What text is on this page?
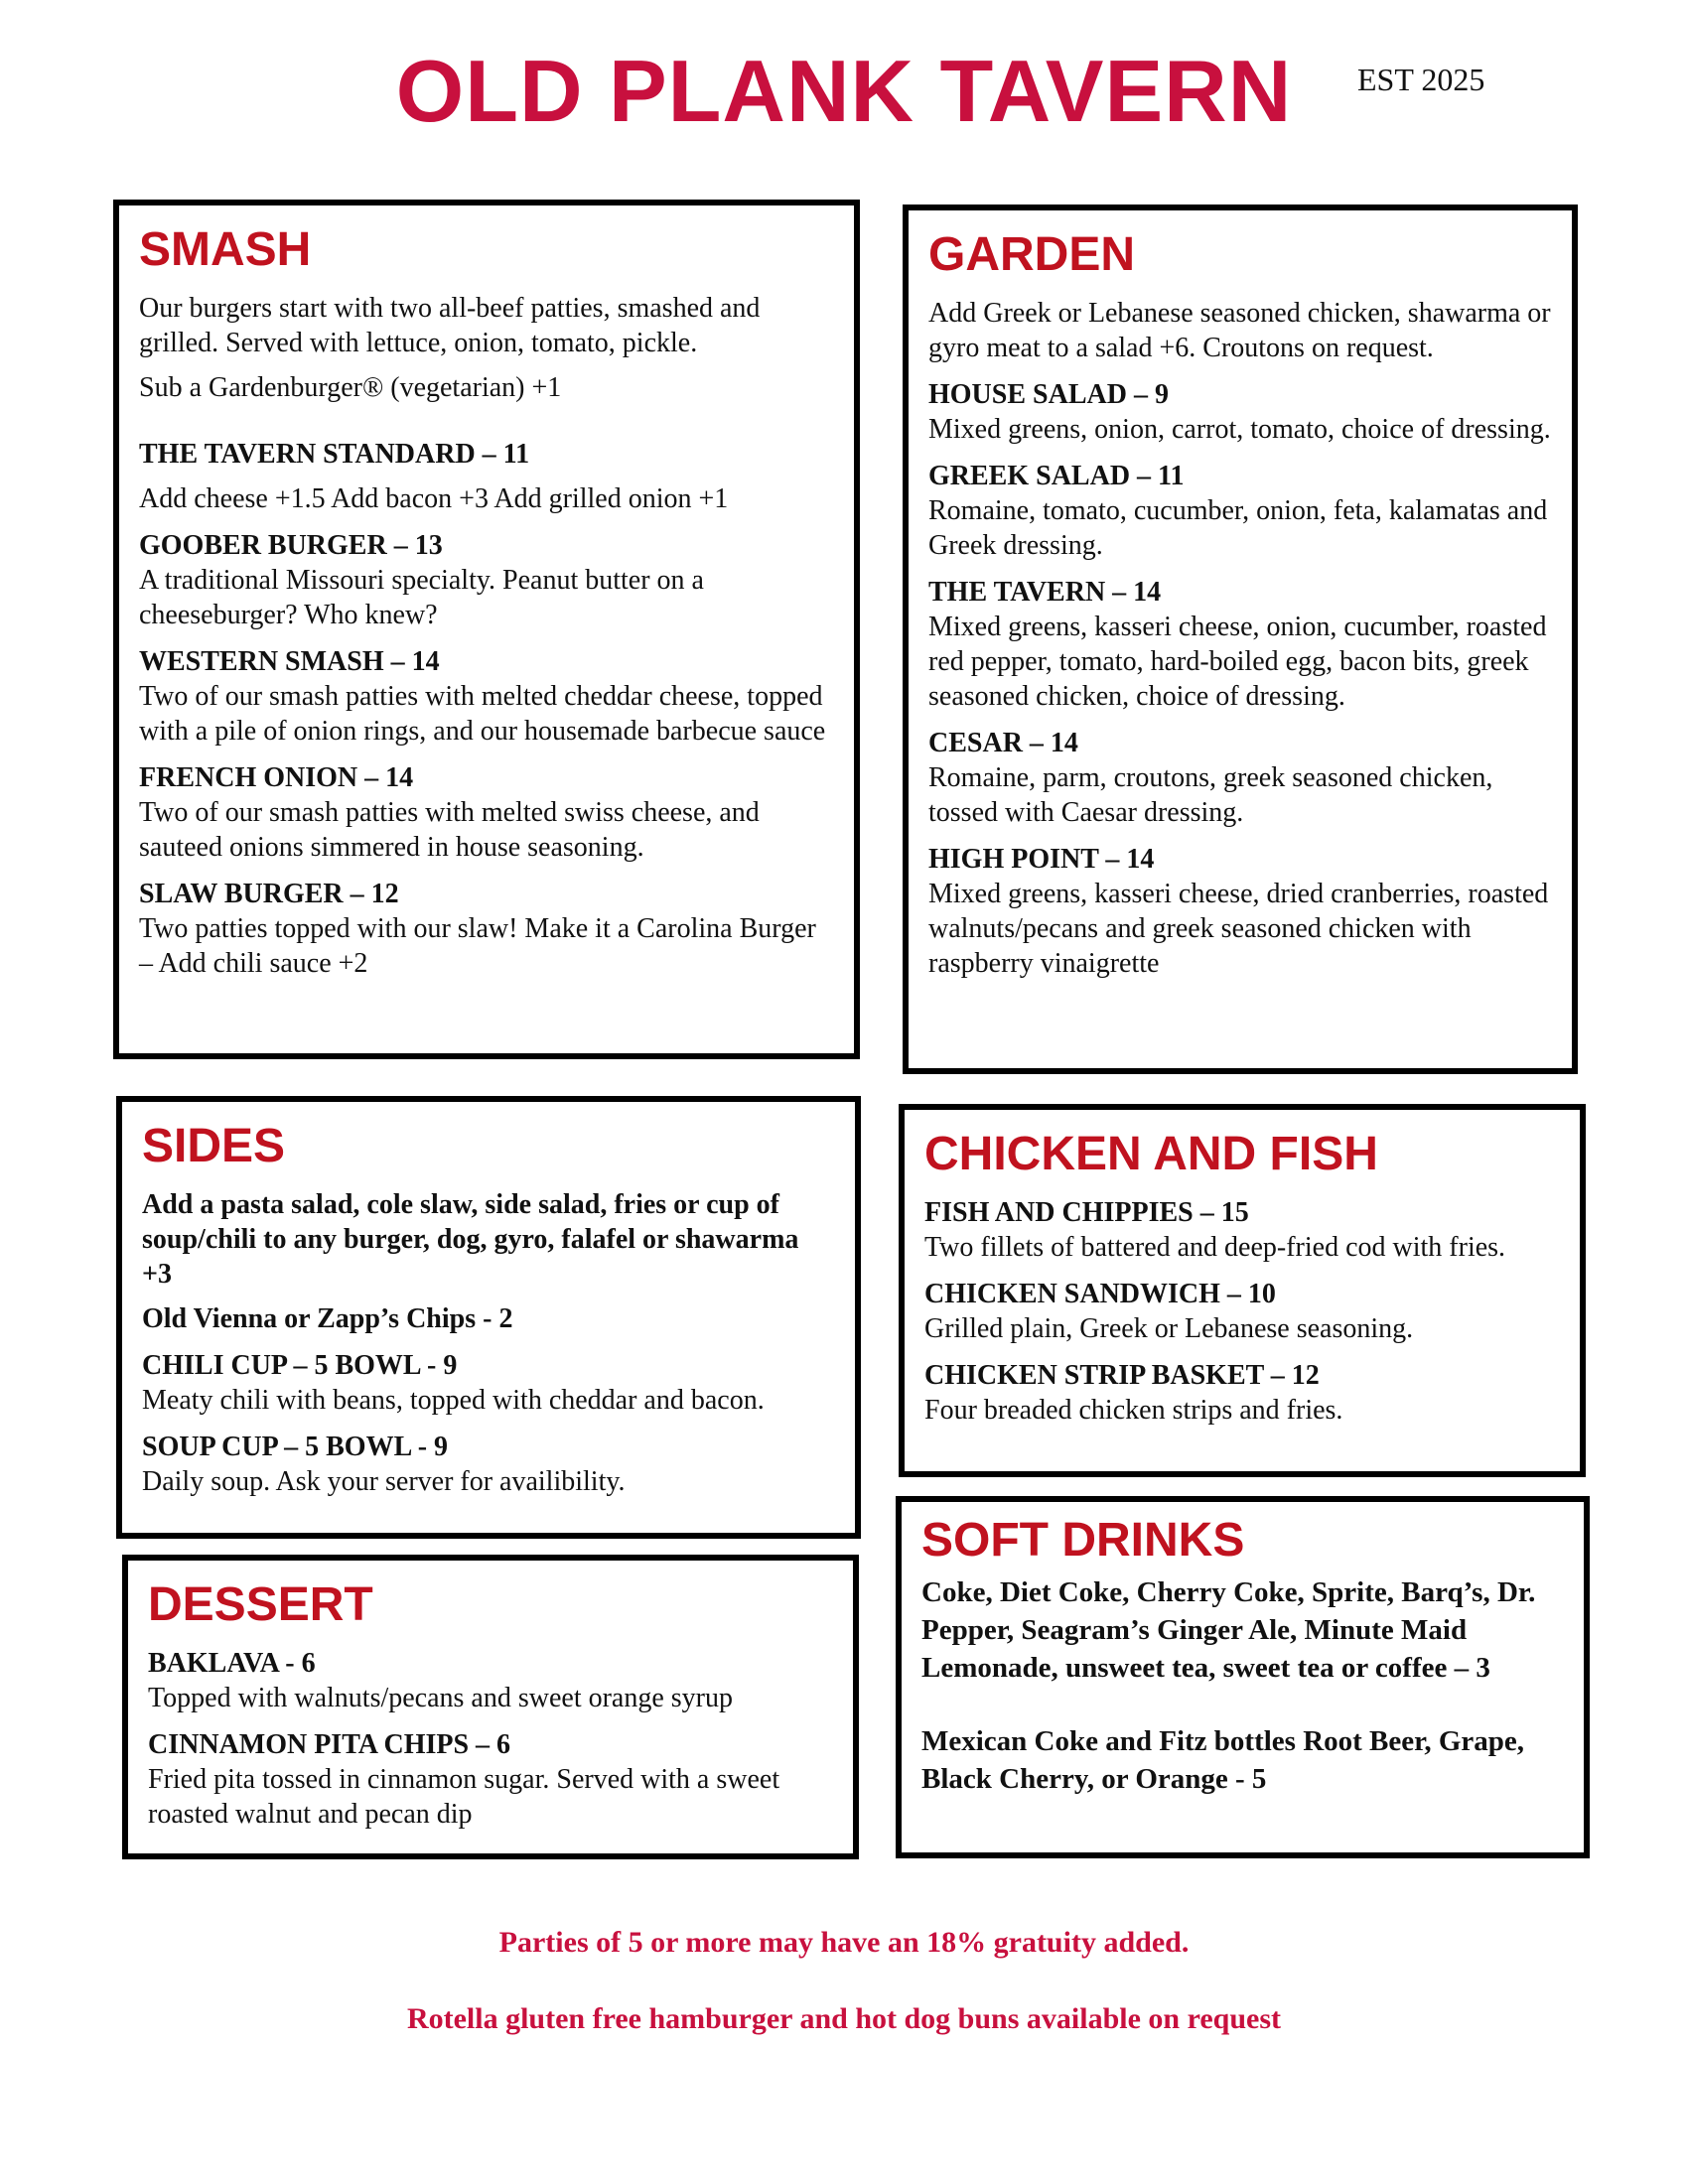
OLD PLANK TAVERN	EST 2025
SMASH

Our burgers start with two all-beef patties, smashed and grilled. Served with lettuce, onion, tomato, pickle.

Sub a Gardenburger® (vegetarian) +1

THE TAVERN STANDARD – 11

Add cheese +1.5 Add bacon +3 Add grilled onion +1

GOOBER BURGER – 13

A traditional Missouri specialty. Peanut butter on a cheeseburger? Who knew?

WESTERN SMASH – 14

Two of our smash patties with melted cheddar cheese, topped with a pile of onion rings, and our housemade barbecue sauce

FRENCH ONION – 14

Two of our smash patties with melted swiss cheese, and sauteed onions simmered in house seasoning.

SLAW BURGER – 12

Two patties topped with our slaw! Make it a Carolina Burger – Add chili sauce +2

GARDEN

Add Greek or Lebanese seasoned chicken, shawarma or gyro meat to a salad +6. Croutons on request.

HOUSE SALAD – 9

Mixed greens, onion, carrot, tomato, choice of dressing.

GREEK SALAD – 11

Romaine, tomato, cucumber, onion, feta, kalamatas and Greek dressing.

THE TAVERN – 14

Mixed greens, kasseri cheese, onion, cucumber, roasted red pepper, tomato, hard-boiled egg, bacon bits, greek seasoned chicken, choice of dressing.

CESAR – 14

Romaine, parm, croutons, greek seasoned chicken, tossed with Caesar dressing.

HIGH POINT – 14

Mixed greens, kasseri cheese, dried cranberries, roasted walnuts/pecans and greek seasoned chicken with raspberry vinaigrette

SIDES

Add a pasta salad, cole slaw, side salad, fries or cup of soup/chili to any burger, dog, gyro, falafel or shawarma +3

Old Vienna or Zapp’s Chips - 2

CHILI CUP – 5 BOWL - 9

Meaty chili with beans, topped with cheddar and bacon.

SOUP CUP – 5 BOWL - 9

Daily soup. Ask your server for availibility.

CHICKEN AND FISH

FISH AND CHIPPIES – 15

Two fillets of battered and deep-fried cod with fries.

CHICKEN SANDWICH – 10

Grilled plain, Greek or Lebanese seasoning.

CHICKEN STRIP BASKET – 12

Four breaded chicken strips and fries.

DESSERT

BAKLAVA - 6

Topped with walnuts/pecans and sweet orange syrup

CINNAMON PITA CHIPS – 6

Fried pita tossed in cinnamon sugar. Served with a sweet roasted walnut and pecan dip

SOFT DRINKS

Coke, Diet Coke, Cherry Coke, Sprite, Barq’s, Dr. Pepper, Seagram’s Ginger Ale, Minute Maid Lemonade, unsweet tea, sweet tea or coffee – 3

Mexican Coke and Fitz bottles Root Beer, Grape, Black Cherry, or Orange - 5

Parties of 5 or more may have an 18% gratuity added.
Rotella gluten free hamburger and hot dog buns available on request
